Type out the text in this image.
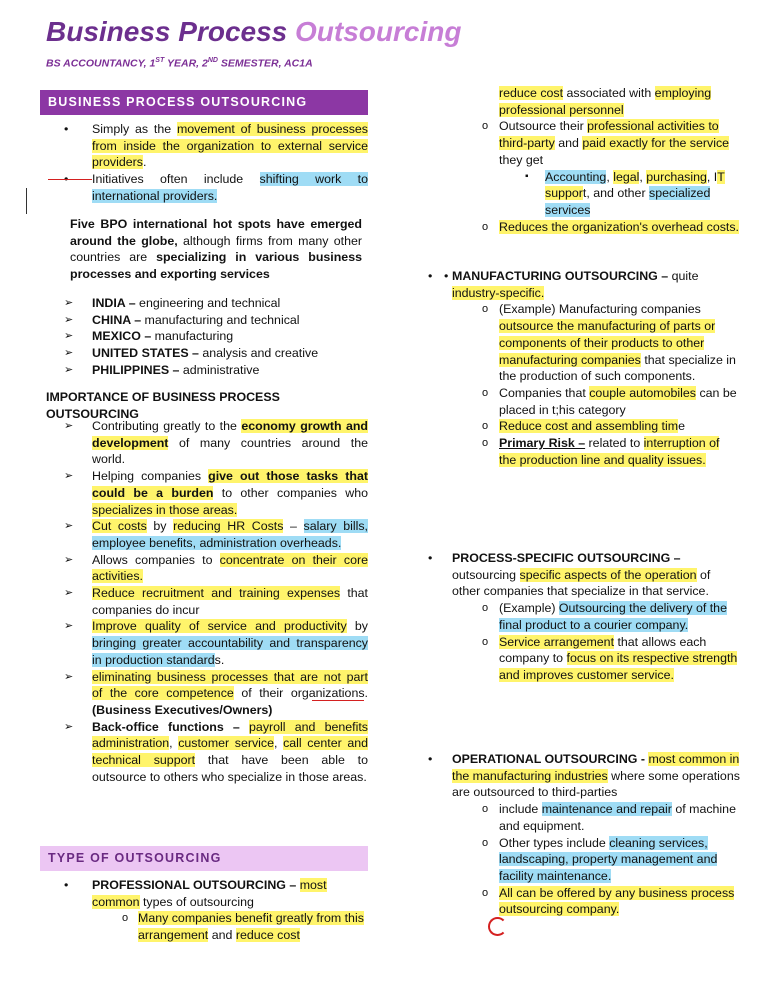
Business Process Outsourcing

BS ACCOUNTANCY, 1ST YEAR, 2ND SEMESTER, AC1A

BUSINESS PROCESS OUTSOURCING
• Simply as the movement of business processes from inside the organization to external service providers.
• Initiatives often include shifting work to international providers.

Five BPO international hot spots have emerged around the globe, although firms from many other countries are specializing in various business processes and exporting services

➢ INDIA – engineering and technical
➢ CHINA – manufacturing and technical
➢ MEXICO – manufacturing
➢ UNITED STATES – analysis and creative
➢ PHILIPPINES – administrative
IMPORTANCE OF BUSINESS PROCESS OUTSOURCING
➢ Contributing greatly to the economy growth and development of many countries around the world.
➢ Helping companies give out those tasks that could be a burden to other companies who specializes in those areas.
➢ Cut costs by reducing HR Costs – salary bills, employee benefits, administration overheads.
➢ Allows companies to concentrate on their core activities.
➢ Reduce recruitment and training expenses that companies do incur
➢ Improve quality of service and productivity by bringing greater accountability and transparency in production standards.
➢ eliminating business processes that are not part of the core competence of their organizations. (Business Executives/Owners)
➢ Back-office functions – payroll and benefits administration, customer service, call center and technical support that have been able to outsource to others who specialize in those areas.
TYPE OF OUTSOURCING
• PROFESSIONAL OUTSOURCING – most common types of outsourcing
o Many companies benefit greatly from this arrangement and reduce cost
reduce cost associated with employing professional personnel
o Outsource their professional activities to third-party and paid exactly for the service they get
▪ Accounting, legal, purchasing, IT support, and other specialized services
o Reduces the organization's overhead costs.
• • MANUFACTURING OUTSOURCING – quite industry-specific.
o (Example) Manufacturing companies outsource the manufacturing of parts or components of their products to other manufacturing companies that specialize in the production of such components.
o Companies that couple automobiles can be placed in t;his category
o Reduce cost and assembling time
o Primary Risk – related to interruption of the production line and quality issues.
• PROCESS-SPECIFIC OUTSOURCING – outsourcing specific aspects of the operation of other companies that specialize in that service.
o (Example) Outsourcing the delivery of the final product to a courier company.
o Service arrangement that allows each company to focus on its respective strength and improves customer service.
• OPERATIONAL OUTSOURCING - most common in the manufacturing industries where some operations are outsourced to third-parties
o include maintenance and repair of machine and equipment.
o Other types include cleaning services, landscaping, property management and facility maintenance.
o All can be offered by any business process outsourcing company.
